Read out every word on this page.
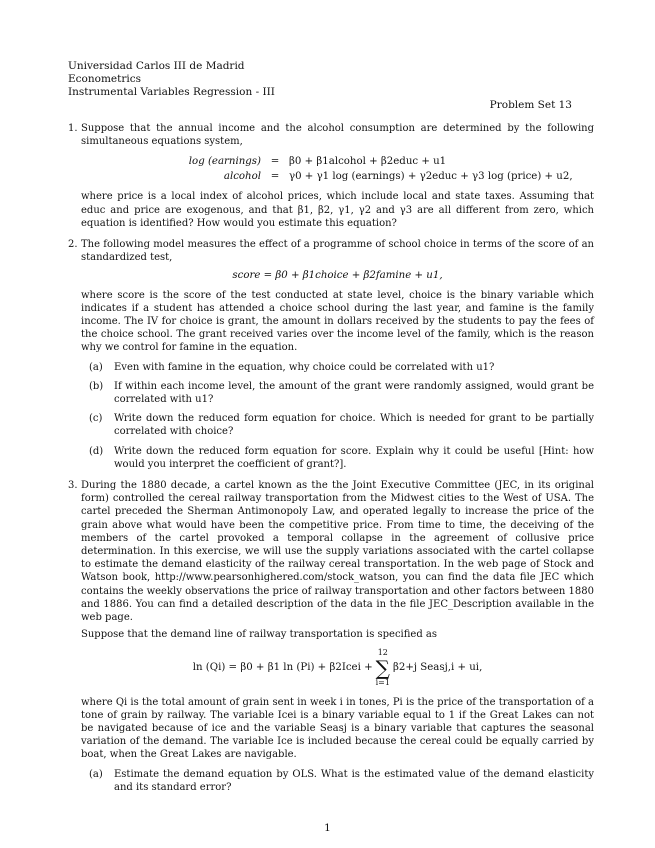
Universidad Carlos III de Madrid
Econometrics
Instrumental Variables Regression - III
Problem Set 13
1. Suppose that the annual income and the alcohol consumption are determined by the following simultaneous equations system,

log (earnings) = β0 + β1alcohol + β2educ + u1
alcohol = γ0 + γ1 log (earnings) + γ2educ + γ3 log (price) + u2,

where price is a local index of alcohol prices, which include local and state taxes. Assuming that educ and price are exogenous, and that β1, β2, γ1, γ2 and γ3 are all different from zero, which equation is identified? How would you estimate this equation?

2. The following model measures the effect of a programme of school choice in terms of the score of an standardized test,

score = β0 + β1choice + β2famine + u1,

where score is the score of the test conducted at state level, choice is the binary variable which indicates if a student has attended a choice school during the last year, and famine is the family income. The IV for choice is grant, the amount in dollars received by the students to pay the fees of the choice school. The grant received varies over the income level of the family, which is the reason why we control for famine in the equation.

(a) Even with famine in the equation, why choice could be correlated with u1?
(b) If within each income level, the amount of the grant were randomly assigned, would grant be correlated with u1?
(c) Write down the reduced form equation for choice. Which is needed for grant to be partially correlated with choice?
(d) Write down the reduced form equation for score. Explain why it could be useful [Hint: how would you interpret the coefficient of grant?].
3. During the 1880 decade, a cartel known as the the Joint Executive Committee (JEC, in its original form) controlled the cereal railway transportation from the Midwest cities to the West of USA. The cartel preceded the Sherman Antimonopoly Law, and operated legally to increase the price of the grain above what would have been the competitive price. From time to time, the deceiving of the members of the cartel provoked a temporal collapse in the agreement of collusive price determination. In this exercise, we will use the supply variations associated with the cartel collapse to estimate the demand elasticity of the railway cereal transportation. In the web page of Stock and Watson book, http://www.pearsonhighered.com/stock_watson, you can find the data file JEC which contains the weekly observations the price of railway transportation and other factors between 1880 and 1886. You can find a detailed description of the data in the file JEC_Description available in the web page.

Suppose that the demand line of railway transportation is specified as

ln (Qi) = β0 + β1 ln (Pi) + β2Icei +
12
∑
i=1
β2+j Seasj,i + ui,

where Qi is the total amount of grain sent in week i in tones, Pi is the price of the transportation of a tone of grain by railway. The variable Icei is a binary variable equal to 1 if the Great Lakes can not be navigated because of ice and the variable Seasj is a binary variable that captures the seasonal variation of the demand. The variable Ice is included because the cereal could be equally carried by boat, when the Great Lakes are navigable.

(a) Estimate the demand equation by OLS. What is the estimated value of the demand elasticity and its standard error?
1
